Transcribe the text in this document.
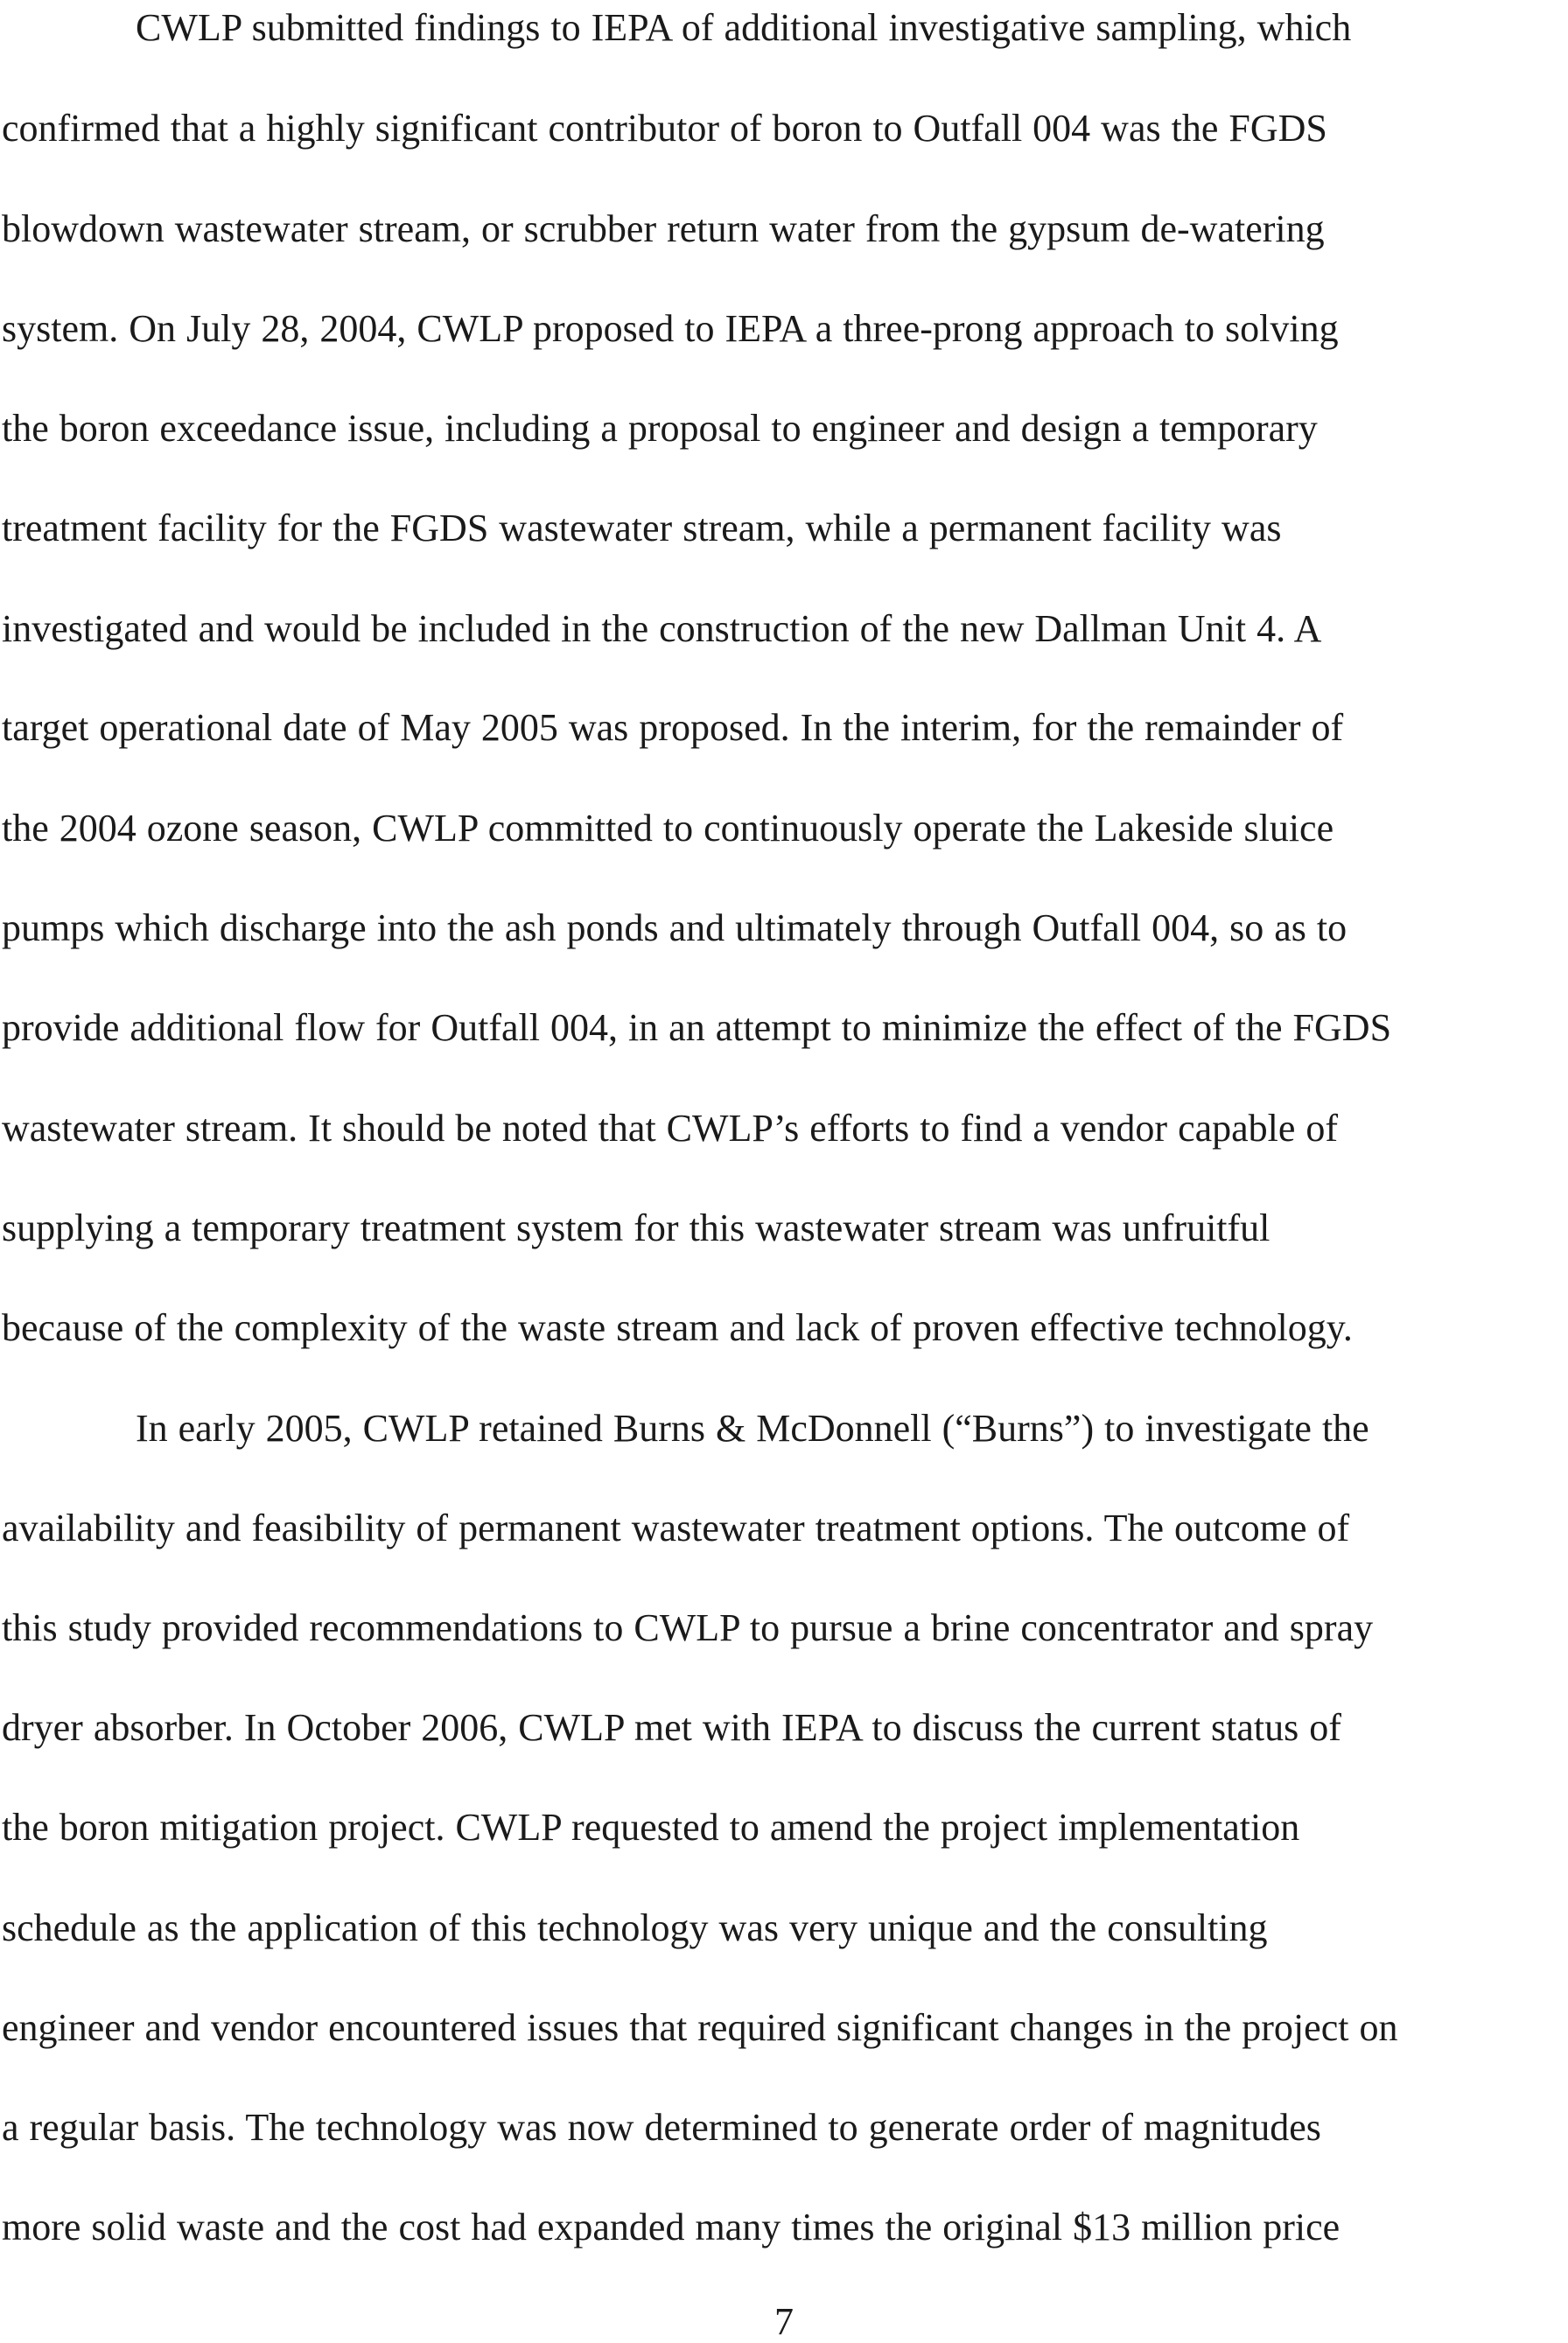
CWLP submitted findings to IEPA of additional investigative sampling, which
confirmed that a highly significant contributor of boron to Outfall 004 was the FGDS
blowdown wastewater stream, or scrubber return water from the gypsum de-watering
system. On July 28, 2004, CWLP proposed to IEPA a three-prong approach to solving
the boron exceedance issue, including a proposal to engineer and design a temporary
treatment facility for the FGDS wastewater stream, while a permanent facility was
investigated and would be included in the construction of the new Dallman Unit 4. A
target operational date of May 2005 was proposed. In the interim, for the remainder of
the 2004 ozone season, CWLP committed to continuously operate the Lakeside sluice
pumps which discharge into the ash ponds and ultimately through Outfall 004, so as to
provide additional flow for Outfall 004, in an attempt to minimize the effect of the FGDS
wastewater stream. It should be noted that CWLP’s efforts to find a vendor capable of
supplying a temporary treatment system for this wastewater stream was unfruitful
because of the complexity of the waste stream and lack of proven effective technology.
In early 2005, CWLP retained Burns & McDonnell (“Burns”) to investigate the
availability and feasibility of permanent wastewater treatment options. The outcome of
this study provided recommendations to CWLP to pursue a brine concentrator and spray
dryer absorber. In October 2006, CWLP met with IEPA to discuss the current status of
the boron mitigation project. CWLP requested to amend the project implementation
schedule as the application of this technology was very unique and the consulting
engineer and vendor encountered issues that required significant changes in the project on
a regular basis. The technology was now determined to generate order of magnitudes
more solid waste and the cost had expanded many times the original $13 million price
7
